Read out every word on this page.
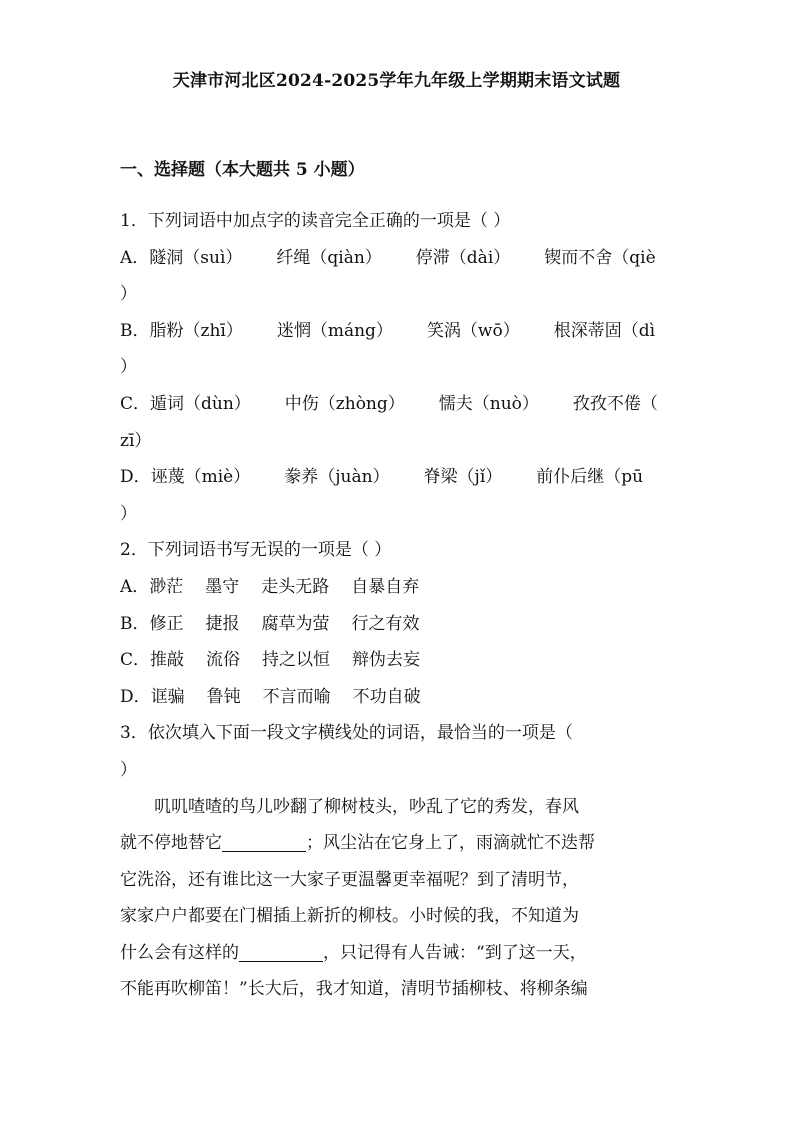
天津市河北区2024-2025学年九年级上学期期末语文试题
一、选择题（本大题共 5 小题）
1．下列词语中加点字的读音完全正确的一项是（ ）
A．隧洞（suì） 纤绳（qiàn） 停滞（dài） 锲而不舍（qiè
）
B．脂粉（zhī） 迷惘（máng） 笑涡（wō） 根深蒂固（dì
）
C．遁词（dùn） 中伤（zhòng） 懦夫（nuò） 孜孜不倦（
zī）
D．诬蔑（miè） 豢养（juàn） 脊梁（jǐ） 前仆后继（pū
）
2．下列词语书写无误的一项是（ ）
A．渺茫 墨守 走头无路 自暴自弃
B．修正 捷报 腐草为萤 行之有效
C．推敲 流俗 持之以恒 辩伪去妄
D．诓骗 鲁钝 不言而喻 不功自破
3．依次填入下面一段文字横线处的词语，最恰当的一项是（
）
叽叽喳喳的鸟儿吵翻了柳树枝头，吵乱了它的秀发，春风
就不停地替它	；风尘沾在它身上了，雨滴就忙不迭帮
它洗浴，还有谁比这一大家子更温馨更幸福呢？到了清明节，
家家户户都要在门楣插上新折的柳枝。小时候的我，不知道为
什么会有这样的	，只记得有人告诫：“到了这一天，
不能再吹柳笛！”长大后，我才知道，清明节插柳枝、将柳条编
